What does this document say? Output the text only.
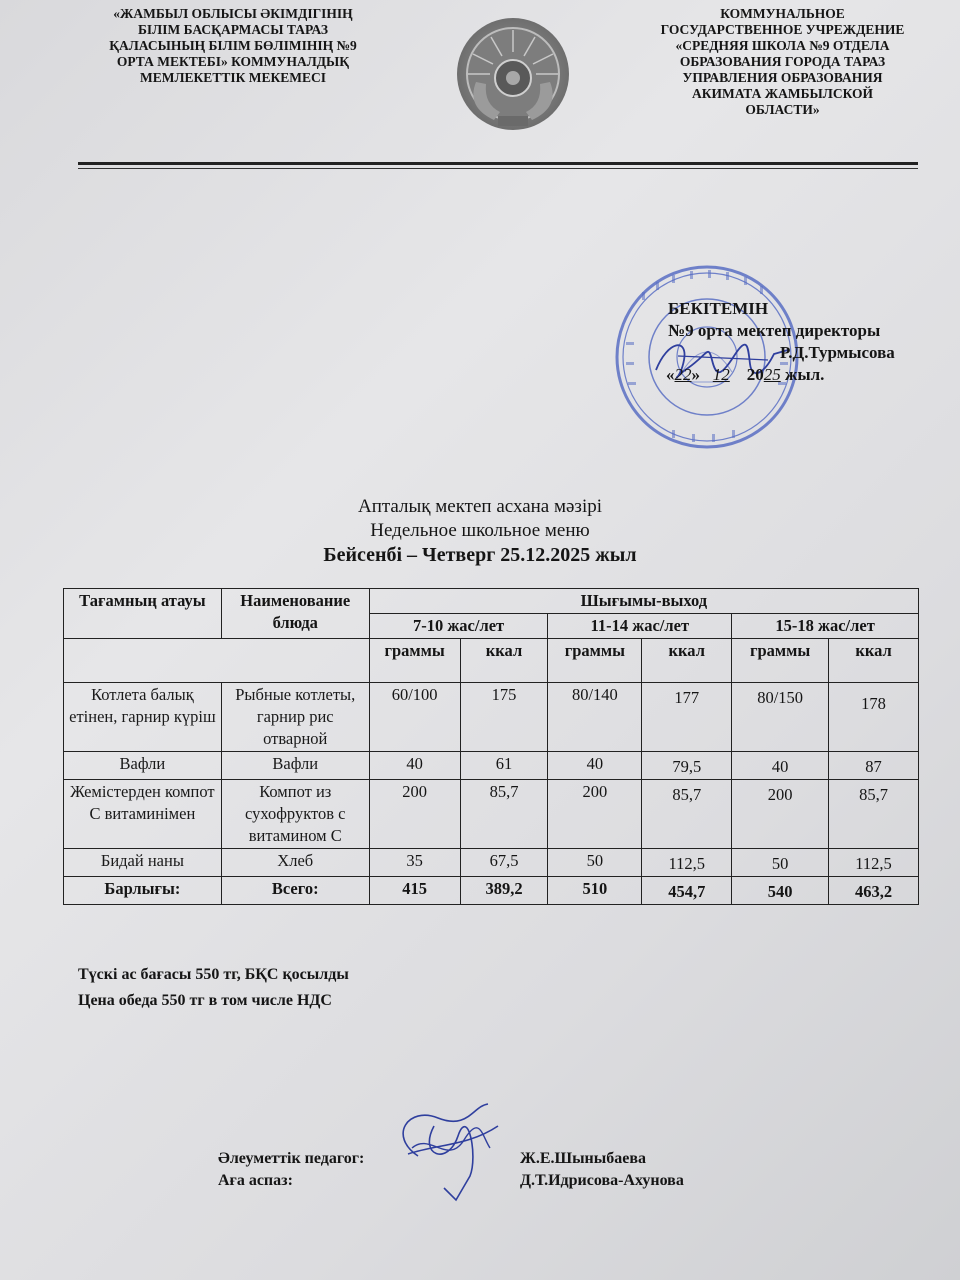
«ЖАМБЫЛ ОБЛЫСЫ ӘКІМДІГІНІҢ
БІЛІМ БАСҚАРМАСЫ ТАРАЗ
ҚАЛАСЫНЫҢ БІЛІМ БӨЛІМІНІҢ №9
ОРТА МЕКТЕБІ» КОММУНАЛДЫҚ
МЕМЛЕКЕТТІК МЕКЕМЕСІ
КОММУНАЛЬНОЕ
ГОСУДАРСТВЕННОЕ УЧРЕЖДЕНИЕ
«СРЕДНЯЯ ШКОЛА №9 ОТДЕЛА
ОБРАЗОВАНИЯ ГОРОДА ТАРАЗ
УПРАВЛЕНИЯ ОБРАЗОВАНИЯ
АКИМАТА ЖАМБЫЛСКОЙ
ОБЛАСТИ»
БЕКІТЕМІН
№9 орта мектеп директоры
Р.Д.Турмысова
«22» 12 2025 жыл.
Апталық мектеп асхана мәзірі
Недельное школьное меню
Бейсенбі – Четверг 25.12.2025 жыл
Тағамның атауы	Наименование блюда	Шығымы-выход					
		7-10 жас/лет		11-14 жас/лет		15-18 жас/лет	
		граммы	ккал	граммы	ккал	граммы	ккал
Котлета балық етінен, гарнир күріш	Рыбные котлеты, гарнир рис отварной	60/100	175	80/140	177	80/150	178
Вафли	Вафли	40	61	40	79,5	40	87
Жемістерден компот С витаминімен	Компот из сухофруктов с витамином С	200	85,7	200	85,7	200	85,7
Бидай наны	Хлеб	35	67,5	50	112,5	50	112,5
Барлығы:	Всего:	415	389,2	510	454,7	540	463,2
Түскі ас бағасы 550 тг, БҚС қосылды
Цена обеда 550 тг в том числе НДС
Әлеуметтік педагог:
Аға аспаз:
Ж.Е.Шыныбаева
Д.Т.Идрисова-Ахунова
